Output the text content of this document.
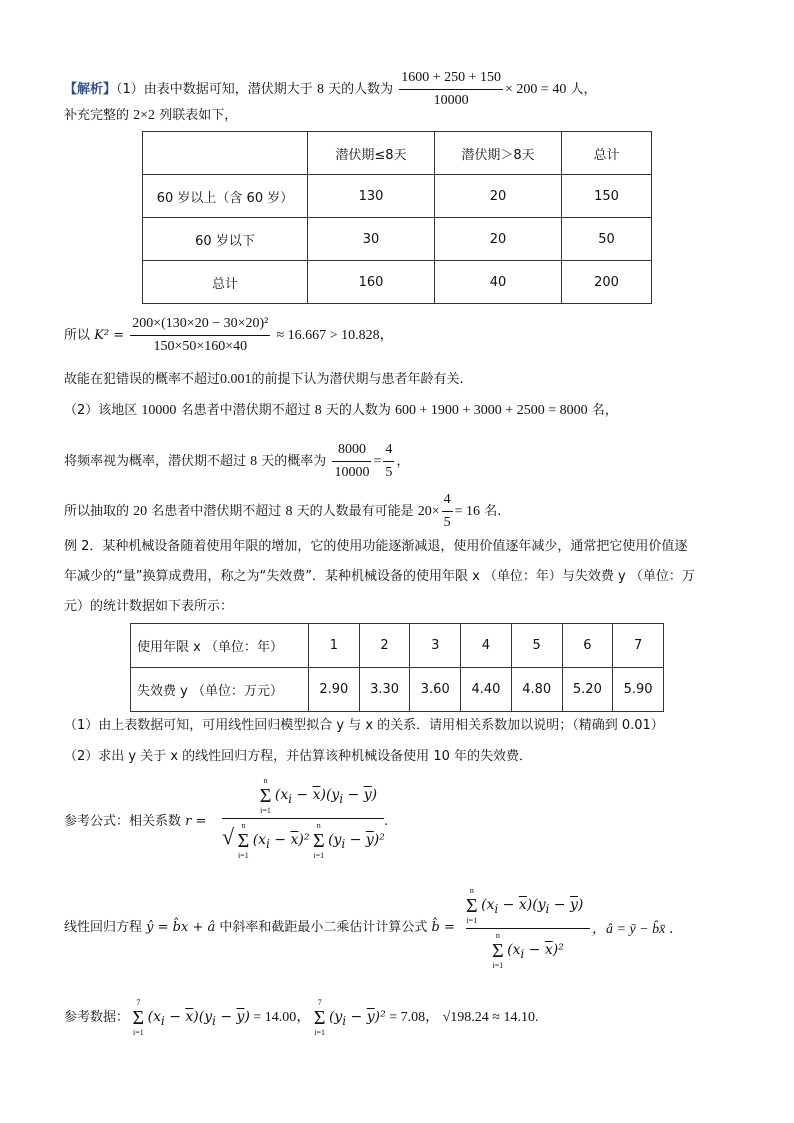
【解析】（1）由表中数据可知，潜伏期大于 8 天的人数为 $\frac{1600 + 250 + 150}{10000} \times 200 = 40$ 人，
补充完整的 2×2 列联表如下，
	潜伏期≤8天	潜伏期＞8天	总计
60 岁以上（含 60 岁）	130	20	150
60 岁以下	30	20	50
总计	160	40	200
所以 $K^2 = \frac{\text{200×(130×20 − 30×20)²}}{150\times 50\times 160\times 40} \approx 16.667 > 10.828$，
故能在犯错误的概率不超过0.001的前提下认为潜伏期与患者年龄有关.
（2）该地区 10000 名患者中潜伏期不超过 8 天的人数为 600 + 1900 + 3000 + 2500 = 8000 名，
将频率视为概率，潜伏期不超过 8 天的概率为 $\frac{8000}{10000} = \frac{4}{5}$ ，
所以抽取的 20 名患者中潜伏期不超过 8 天的人数最有可能是 $20\times \frac{4}{5} = 16$ 名.
例 2．某种机械设备随着使用年限的增加，它的使用功能逐渐减退，使用价值逐年减少，通常把它使用价值逐
年减少的“量”换算成费用，称之为“失效费”．某种机械设备的使用年限 x （单位：年）与失效费 y （单位：万
元）的统计数据如下表所示：
使用年限 x （单位：年）	1	2	3	4	5	6	7
失效费 y （单位：万元）	2.90	3.30	3.60	4.40	4.80	5.20	5.90
（1）由上表数据可知，可用线性回归模型拟合 y 与 x 的关系．请用相关系数加以说明；（精确到 0.01）
（2）求出 y 关于 x 的线性回归方程，并估算该种机械设备使用 10 年的失效费．
参考公式：相关系数 r =
n
Σ
i=1
$(x_i - \overline{x})(y_i - \overline{y})$
√ n
Σ
i=1
$(x_i - \overline{x})^2$
n
Σ
i=1
$(y_i - \overline{y})^2$
.
线性回归方程 ŷ = b̂x + â 中斜率和截距最小二乘估计计算公式 b̂ =
n
Σ
i=1
$(x_i - \overline{x})(y_i - \overline{y})$
n
Σ
i=1
$(x_i - \overline{x})^2$
，â = ȳ − b̂x̄ ．
参考数据：
7
Σ
i=1
$(x_i - \overline{x})(y_i - \overline{y}) = 14.00$，
7
Σ
i=1
$(y_i - \overline{y})^2 = 7.08$， √198.24 ≈ 14.10.
